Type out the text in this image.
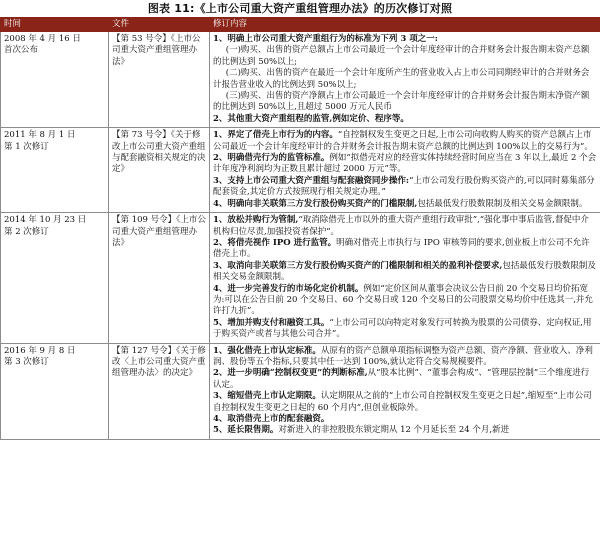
图表 11:《上市公司重大资产重组管理办法》的历次修订对照
时间	文件	修订内容

2008 年 4 月 16 日
首次公布	【第 53 号令】《上市公司重大资产重组管理办法》	1、明确上市公司重大资产重组行为的标准为下列 3 项之一:
(一)购买、出售的资产总额占上市公司最近一个会计年度经审计的合并财务会计报告期末资产总额的比例达到 50%以上;
(二)购买、出售的资产在最近一个会计年度所产生的营业收入占上市公司同期经审计的合并财务会计报告营业收入的比例达到 50%以上;
(三)购买、出售的资产净额占上市公司最近一个会计年度经审计的合并财务会计报告期末净资产额的比例达到 50%以上,且超过 5000 万元人民币
2、其他重大资产重组程的监管,例如定价、程序等。

2011 年 8 月 1 日
第 1 次修订	【第 73 号令】《关于修改上市公司重大资产重组与配套融资相关规定的决定》	1、界定了借壳上市行为的内容。“自控制权发生变更之日起,上市公司向收购人购买的资产总额占上市公司最近一个会计年度经审计的合并财务会计报告期末资产总额的比例达到 100%以上的交易行为”。
2、明确借壳行为的监管标准。例如“拟借壳对应的经营实体持续经营时间应当在 3 年以上,最近 2 个会计年度净利润均为正数且累计超过 2000 万元”等。
3、支持上市公司重大资产重组与配套融资同步操作:“上市公司发行股份购买资产的,可以同时募集部分配套资金,其定价方式按照现行相关规定办理。”
4、明确向非关联第三方发行股份购买资产的门槛限制,包括最低发行股数限制及相关交易金额限制。

2014 年 10 月 23 日
第 2 次修订	【第 109 号令】《上市公司重大资产重组管理办法》	1、放松并购行为管制,“取消除借壳上市以外的重大资产重组行政审批”,“强化事中事后监管,督促中介机构归位尽责,加强投资者保护”。
2、将借壳视作 IPO 进行监管。明确对借壳上市执行与 IPO 审核等同的要求,创业板上市公司不允许借壳上市。
3、取消向非关联第三方发行股份购买资产的门槛限制和相关的盈利补偿要求,包括最低发行股数限制及相关交易金额限制。
4、进一步完善发行的市场化定价机制。例如“定价区间从董事会决议公告日前 20 个交易日均价拓宽为:可以在公告日前 20 个交易日、60 个交易日或 120 个交易日的公司股票交易均价中任选其一,并允许打九折”。
5、增加并购支付和融资工具。“上市公司可以向特定对象发行可转换为股票的公司债券、定向权证,用于购买资产或者与其他公司合并”。

2016 年 9 月 8 日
第 3 次修订	【第 127 号令】《关于修改〈上市公司重大资产重组管理办法〉的决定》	1、强化借壳上市认定标准。从原有的资产总额单项指标调整为资产总额、资产净额、营业收入、净利润、股份等五个指标,只要其中任一达到 100%,就认定符合交易规模要件。
2、进一步明确“控制权变更”的判断标准,从“股本比例”、“董事会构成”、“管理层控制”三个维度进行认定。
3、缩短借壳上市认定期限。认定期限从之前的“上市公司自控制权发生变更之日起”,缩短至“上市公司自控制权发生变更之日起的 60 个月内”,但创业板除外。
4、取消借壳上市的配套融资。
5、延长限售期。对新进入的非控股股东锁定期从 12 个月延长至 24 个月,新进
